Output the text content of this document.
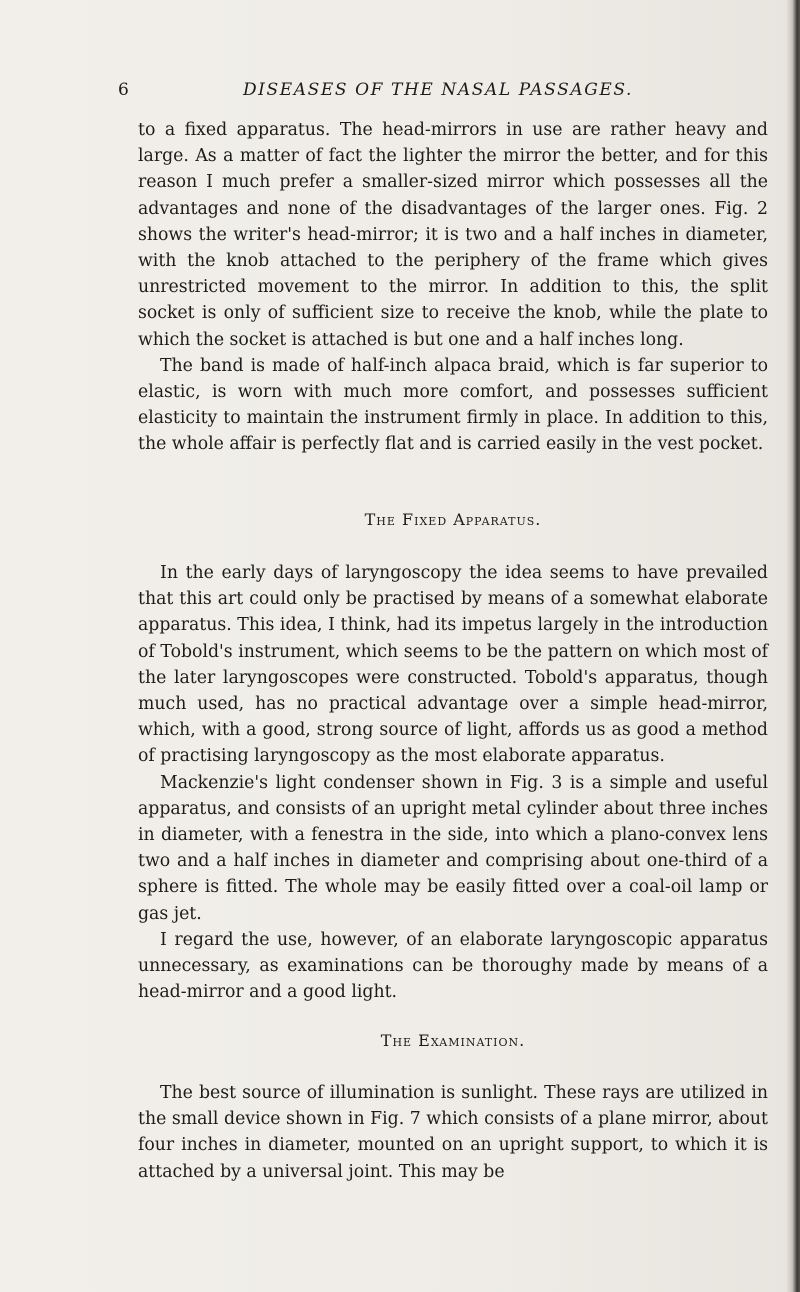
6	DISEASES OF THE NASAL PASSAGES.

to a fixed apparatus. The head-mirrors in use are rather heavy and large. As a matter of fact the lighter the mirror the better, and for this reason I much prefer a smaller-sized mirror which possesses all the advantages and none of the disadvantages of the larger ones. Fig. 2 shows the writer's head-mirror; it is two and a half inches in diameter, with the knob attached to the periphery of the frame which gives unrestricted movement to the mirror. In addition to this, the split socket is only of sufficient size to receive the knob, while the plate to which the socket is attached is but one and a half inches long.

The band is made of half-inch alpaca braid, which is far superior to elastic, is worn with much more comfort, and possesses sufficient elasticity to maintain the instrument firmly in place. In addition to this, the whole affair is perfectly flat and is carried easily in the vest pocket.

The Fixed Apparatus.

In the early days of laryngoscopy the idea seems to have prevailed that this art could only be practised by means of a somewhat elaborate apparatus. This idea, I think, had its impetus largely in the introduction of Tobold's instrument, which seems to be the pattern on which most of the later laryngoscopes were constructed. Tobold's apparatus, though much used, has no practical advantage over a simple head-mirror, which, with a good, strong source of light, affords us as good a method of practising laryngoscopy as the most elaborate apparatus.

Mackenzie's light condenser shown in Fig. 3 is a simple and useful apparatus, and consists of an upright metal cylinder about three inches in diameter, with a fenestra in the side, into which a plano-convex lens two and a half inches in diameter and comprising about one-third of a sphere is fitted. The whole may be easily fitted over a coal-oil lamp or gas jet.

I regard the use, however, of an elaborate laryngoscopic apparatus unnecessary, as examinations can be thoroughy made by means of a head-mirror and a good light.

The Examination.

The best source of illumination is sunlight. These rays are utilized in the small device shown in Fig. 7 which consists of a plane mirror, about four inches in diameter, mounted on an upright support, to which it is attached by a universal joint. This may be
